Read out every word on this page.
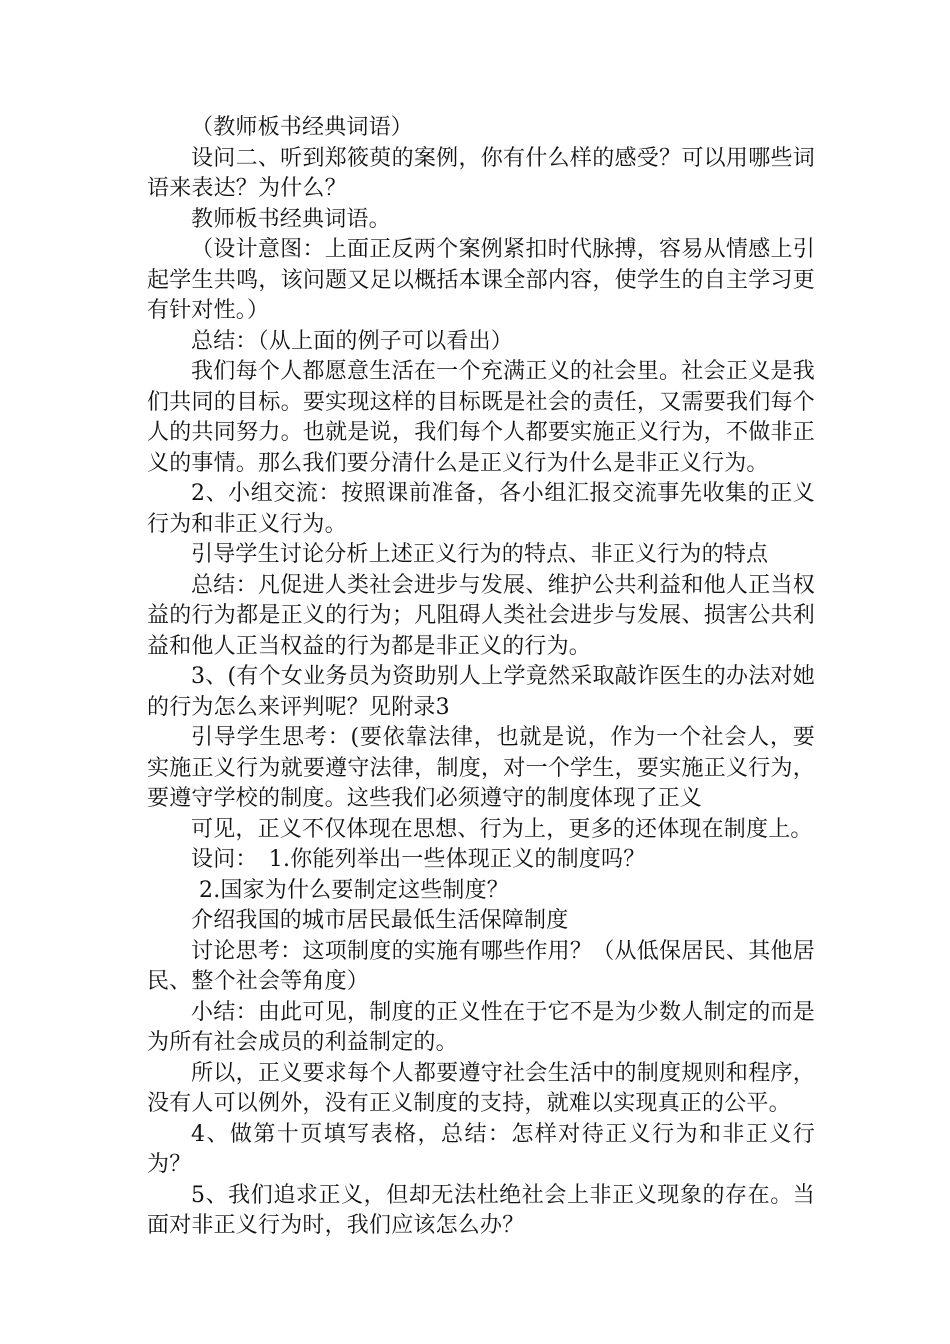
（教师板书经典词语）

设问二、听到郑筱萸的案例，你有什么样的感受？可以用哪些词语来表达？为什么？

教师板书经典词语。

（设计意图：上面正反两个案例紧扣时代脉搏，容易从情感上引起学生共鸣，该问题又足以概括本课全部内容，使学生的自主学习更有针对性。）

总结：（从上面的例子可以看出）

我们每个人都愿意生活在一个充满正义的社会里。社会正义是我们共同的目标。要实现这样的目标既是社会的责任，又需要我们每个人的共同努力。也就是说，我们每个人都要实施正义行为，不做非正义的事情。那么我们要分清什么是正义行为什么是非正义行为。

2、小组交流：按照课前准备，各小组汇报交流事先收集的正义行为和非正义行为。

引导学生讨论分析上述正义行为的特点、非正义行为的特点

总结：凡促进人类社会进步与发展、维护公共利益和他人正当权益的行为都是正义的行为；凡阻碍人类社会进步与发展、损害公共利益和他人正当权益的行为都是非正义的行为。

3、(有个女业务员为资助别人上学竟然采取敲诈医生的办法对她的行为怎么来评判呢？见附录3

引导学生思考：(要依靠法律，也就是说，作为一个社会人，要实施正义行为就要遵守法律，制度，对一个学生，要实施正义行为，要遵守学校的制度。这些我们必须遵守的制度体现了正义

可见，正义不仅体现在思想、行为上，更多的还体现在制度上。

设问：　1.你能列举出一些体现正义的制度吗？

2.国家为什么要制定这些制度？

介绍我国的城市居民最低生活保障制度

讨论思考：这项制度的实施有哪些作用？（从低保居民、其他居民、整个社会等角度）

小结：由此可见，制度的正义性在于它不是为少数人制定的而是为所有社会成员的利益制定的。

所以，正义要求每个人都要遵守社会生活中的制度规则和程序，没有人可以例外，没有正义制度的支持，就难以实现真正的公平。

4、做第十页填写表格，总结：怎样对待正义行为和非正义行为？

5、我们追求正义，但却无法杜绝社会上非正义现象的存在。当面对非正义行为时，我们应该怎么办？
